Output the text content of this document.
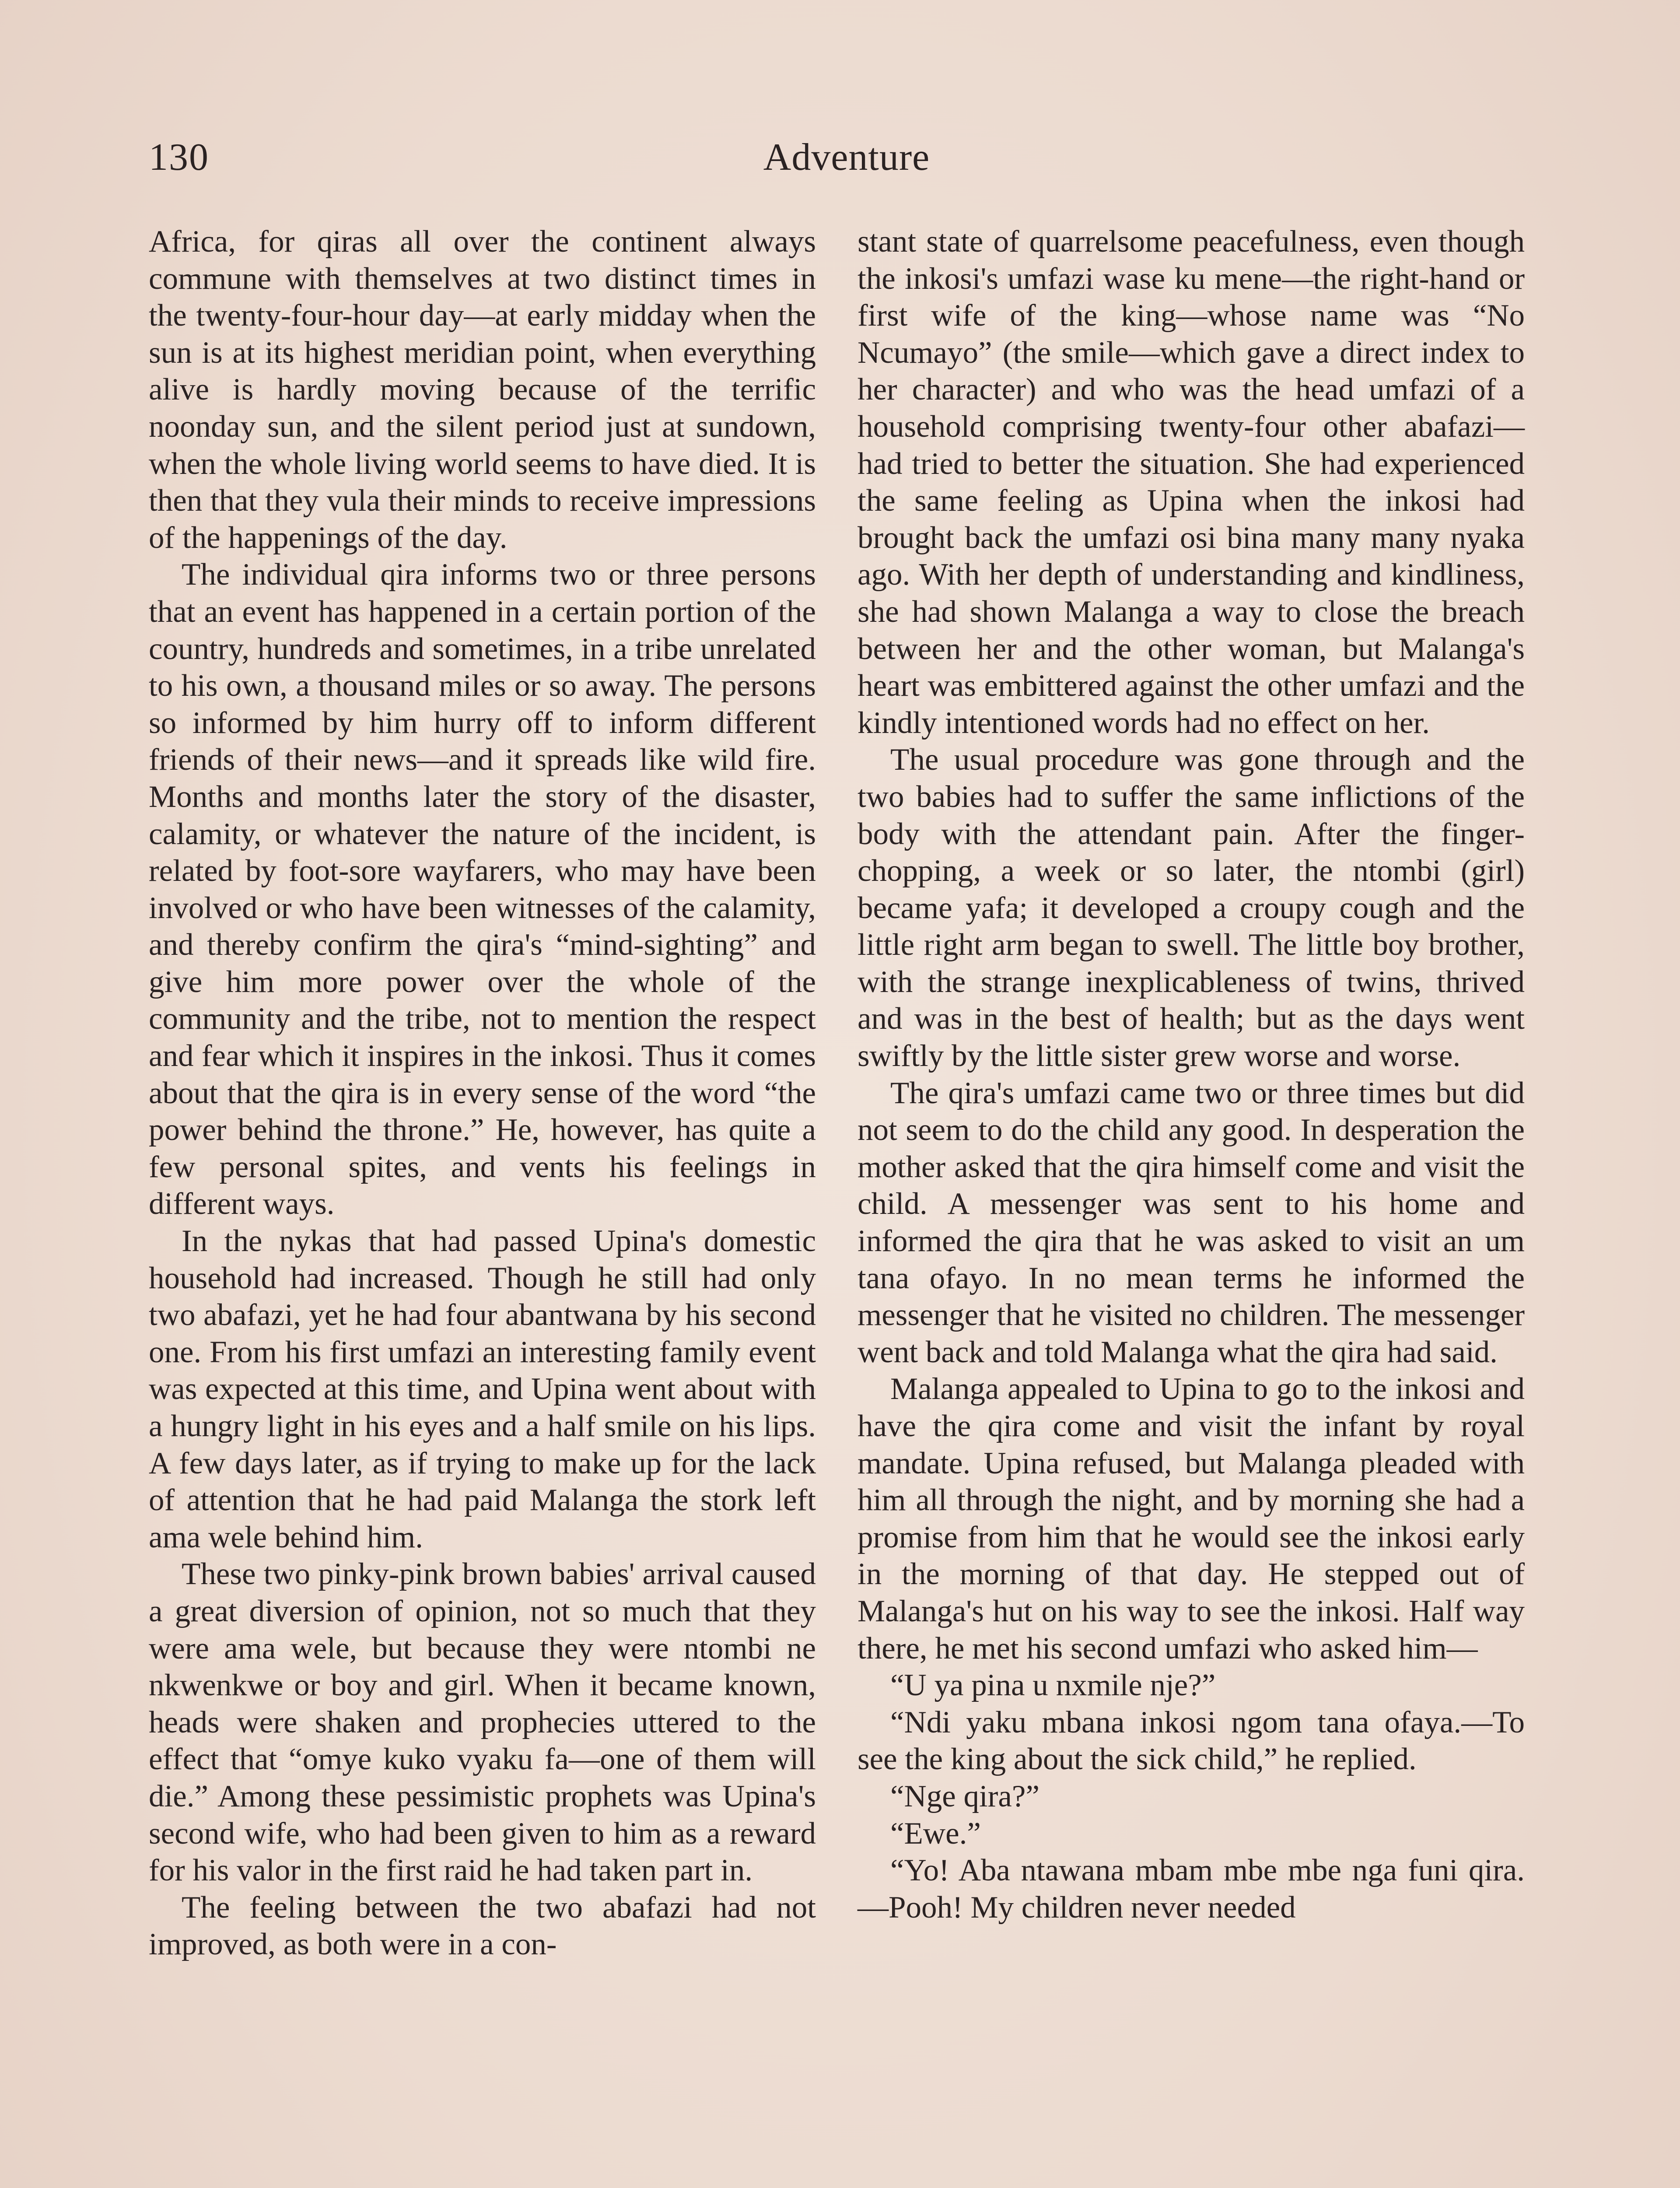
130	Adventure

Africa, for qiras all over the continent always commune with themselves at two distinct times in the twenty-four-hour day—at early midday when the sun is at its highest meridian point, when everything alive is hardly moving because of the terrific noonday sun, and the silent period just at sundown, when the whole living world seems to have died. It is then that they vula their minds to receive impressions of the happenings of the day.

The individual qira informs two or three persons that an event has happened in a certain portion of the country, hundreds and sometimes, in a tribe unrelated to his own, a thousand miles or so away. The persons so informed by him hurry off to inform different friends of their news—and it spreads like wild fire. Months and months later the story of the disaster, calamity, or whatever the nature of the incident, is related by foot-sore wayfarers, who may have been involved or who have been witnesses of the calamity, and thereby confirm the qira's “mind-sighting” and give him more power over the whole of the community and the tribe, not to mention the respect and fear which it inspires in the inkosi. Thus it comes about that the qira is in every sense of the word “the power behind the throne.” He, however, has quite a few personal spites, and vents his feelings in different ways.

In the nykas that had passed Upina's domestic household had increased. Though he still had only two abafazi, yet he had four abantwana by his second one. From his first umfazi an interesting family event was expected at this time, and Upina went about with a hungry light in his eyes and a half smile on his lips. A few days later, as if trying to make up for the lack of attention that he had paid Malanga the stork left ama wele behind him.

These two pinky-pink brown babies' arrival caused a great diversion of opinion, not so much that they were ama wele, but because they were ntombi ne nkwenkwe or boy and girl. When it became known, heads were shaken and prophecies uttered to the effect that “omye kuko vyaku fa—one of them will die.” Among these pessimistic prophets was Upina's second wife, who had been given to him as a reward for his valor in the first raid he had taken part in.

The feeling between the two abafazi had not improved, as both were in a con-

stant state of quarrelsome peacefulness, even though the inkosi's umfazi wase ku mene—the right-hand or first wife of the king—whose name was “No Ncumayo” (the smile—which gave a direct index to her character) and who was the head umfazi of a household comprising twenty-four other abafazi—had tried to better the situation. She had experienced the same feeling as Upina when the inkosi had brought back the umfazi osi bina many many nyaka ago. With her depth of understanding and kindliness, she had shown Malanga a way to close the breach between her and the other woman, but Malanga's heart was embittered against the other umfazi and the kindly intentioned words had no effect on her.

The usual procedure was gone through and the two babies had to suffer the same inflictions of the body with the attendant pain. After the finger-chopping, a week or so later, the ntombi (girl) became yafa; it developed a croupy cough and the little right arm began to swell. The little boy brother, with the strange inexplicableness of twins, thrived and was in the best of health; but as the days went swiftly by the little sister grew worse and worse.

The qira's umfazi came two or three times but did not seem to do the child any good. In desperation the mother asked that the qira himself come and visit the child. A messenger was sent to his home and informed the qira that he was asked to visit an um tana ofayo. In no mean terms he informed the messenger that he visited no children. The messenger went back and told Malanga what the qira had said.

Malanga appealed to Upina to go to the inkosi and have the qira come and visit the infant by royal mandate. Upina refused, but Malanga pleaded with him all through the night, and by morning she had a promise from him that he would see the inkosi early in the morning of that day. He stepped out of Malanga's hut on his way to see the inkosi. Half way there, he met his second umfazi who asked him—

“U ya pina u nxmile nje?”

“Ndi yaku mbana inkosi ngom tana ofaya.—To see the king about the sick child,” he replied.

“Nge qira?”

“Ewe.”

“Yo! Aba ntawana mbam mbe mbe nga funi qira.—Pooh! My children never needed
